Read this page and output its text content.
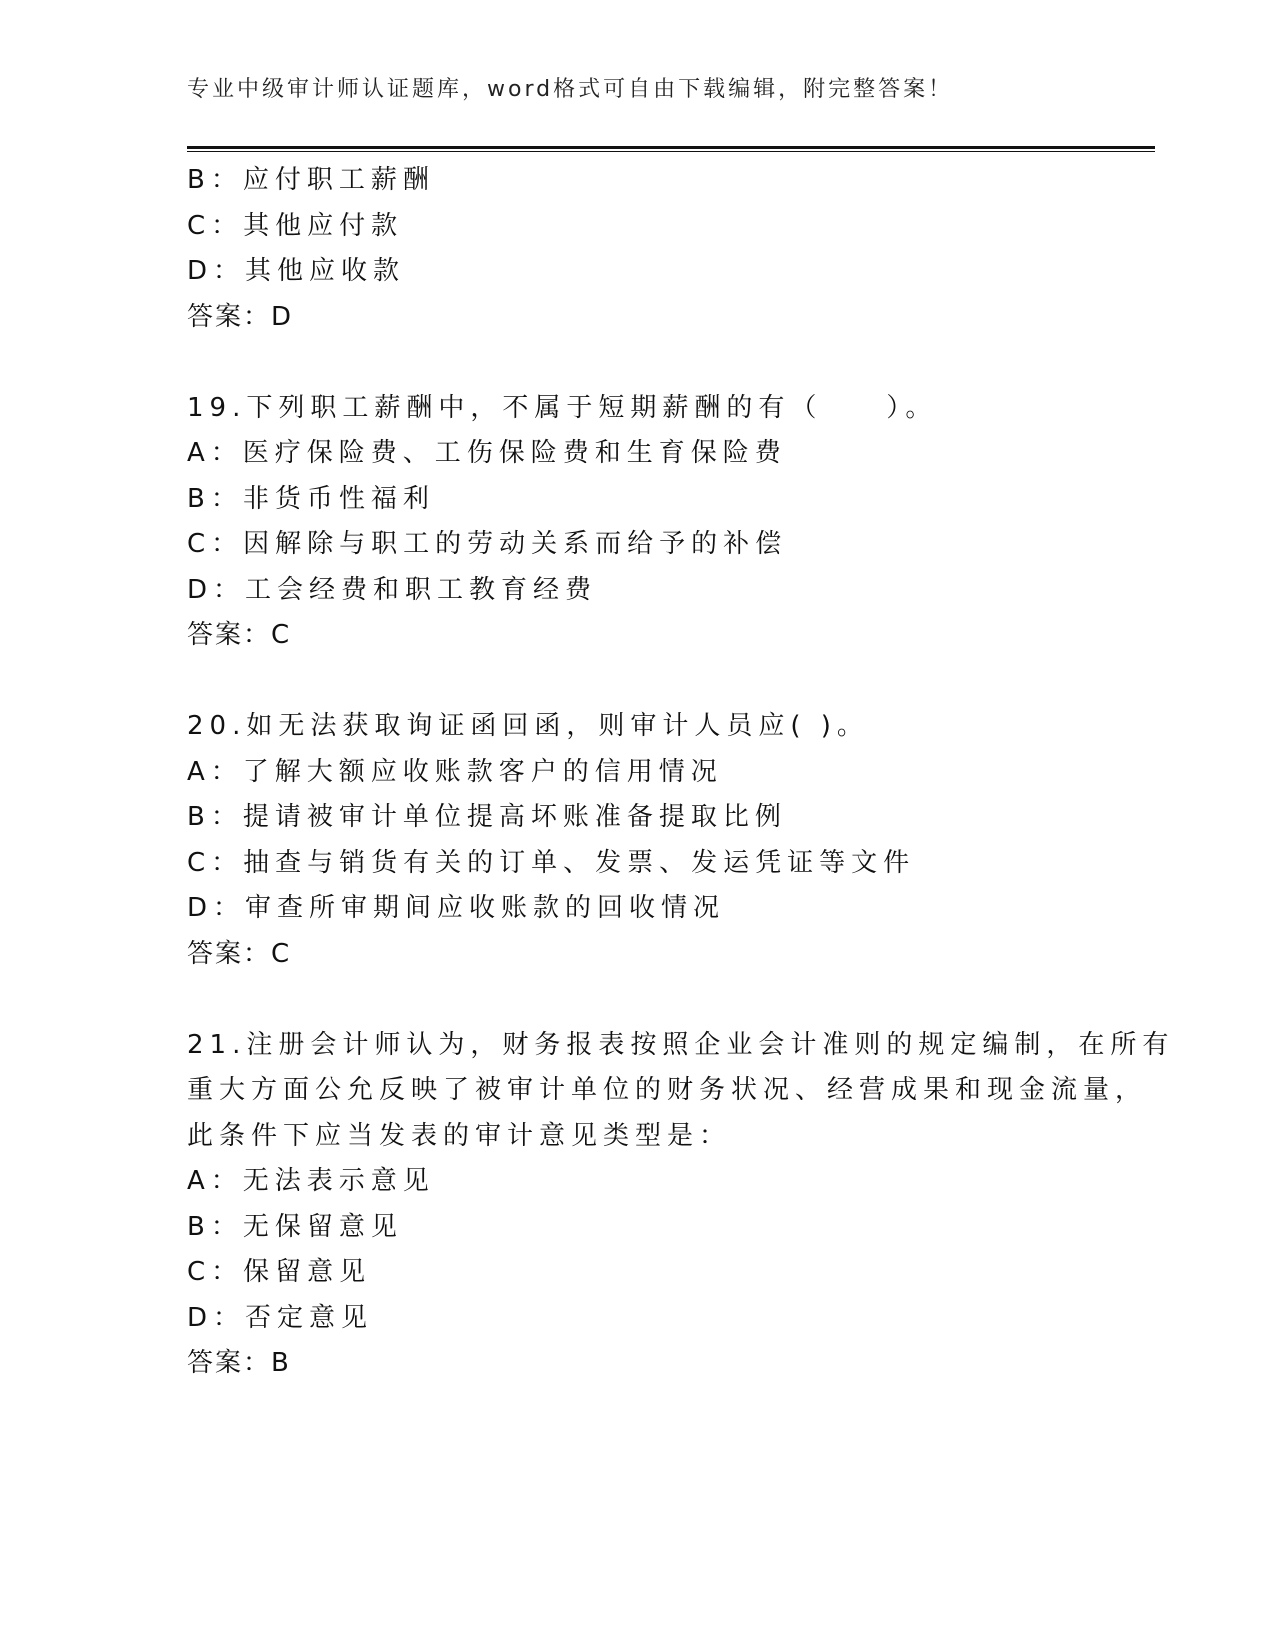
专业中级审计师认证题库，word格式可自由下载编辑，附完整答案！
B：应付职工薪酬
C：其他应付款
D：其他应收款
答案：D
19.下列职工薪酬中，不属于短期薪酬的有（　　）。
A：医疗保险费、工伤保险费和生育保险费
B：非货币性福利
C：因解除与职工的劳动关系而给予的补偿
D：工会经费和职工教育经费
答案：C
20.如无法获取询证函回函，则审计人员应( )。
A：了解大额应收账款客户的信用情况
B：提请被审计单位提高坏账准备提取比例
C：抽查与销货有关的订单、发票、发运凭证等文件
D：审查所审期间应收账款的回收情况
答案：C
21.注册会计师认为，财务报表按照企业会计准则的规定编制，在所有
重大方面公允反映了被审计单位的财务状况、经营成果和现金流量，
此条件下应当发表的审计意见类型是：
A：无法表示意见
B：无保留意见
C：保留意见
D：否定意见
答案：B
